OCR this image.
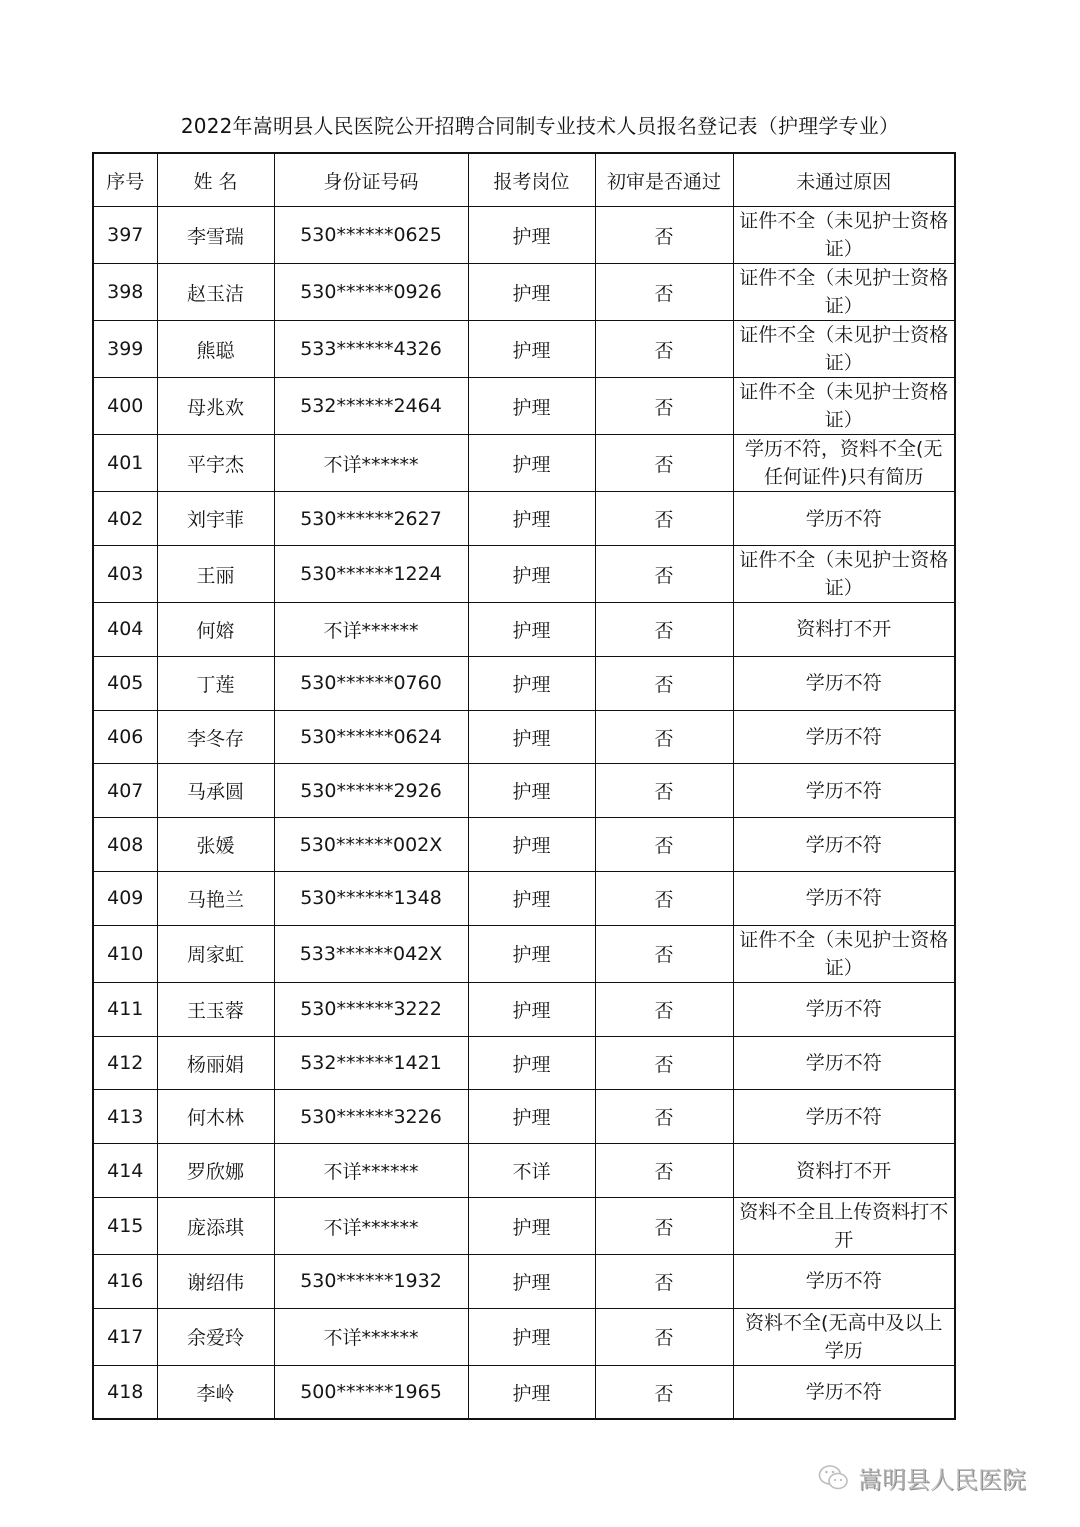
2022年嵩明县人民医院公开招聘合同制专业技术人员报名登记表（护理学专业）
序号	姓 名	身份证号码	报考岗位	初审是否通过	未通过原因
397	李雪瑞	530******0625	护理	否	证件不全（未见护士资格证）
398	赵玉洁	530******0926	护理	否	证件不全（未见护士资格证）
399	熊聪	533******4326	护理	否	证件不全（未见护士资格证）
400	母兆欢	532******2464	护理	否	证件不全（未见护士资格证）
401	平宇杰	不详******	护理	否	学历不符，资料不全(无任何证件)只有简历
402	刘宇菲	530******2627	护理	否	学历不符
403	王丽	530******1224	护理	否	证件不全（未见护士资格证）
404	何嫆	不详******	护理	否	资料打不开
405	丁莲	530******0760	护理	否	学历不符
406	李冬存	530******0624	护理	否	学历不符
407	马承圆	530******2926	护理	否	学历不符
408	张媛	530******002X	护理	否	学历不符
409	马艳兰	530******1348	护理	否	学历不符
410	周家虹	533******042X	护理	否	证件不全（未见护士资格证）
411	王玉蓉	530******3222	护理	否	学历不符
412	杨丽娟	532******1421	护理	否	学历不符
413	何木林	530******3226	护理	否	学历不符
414	罗欣娜	不详******	不详	否	资料打不开
415	庞添琪	不详******	护理	否	资料不全且上传资料打不开
416	谢绍伟	530******1932	护理	否	学历不符
417	余爱玲	不详******	护理	否	资料不全(无高中及以上学历
418	李岭	500******1965	护理	否	学历不符
嵩明县人民医院
